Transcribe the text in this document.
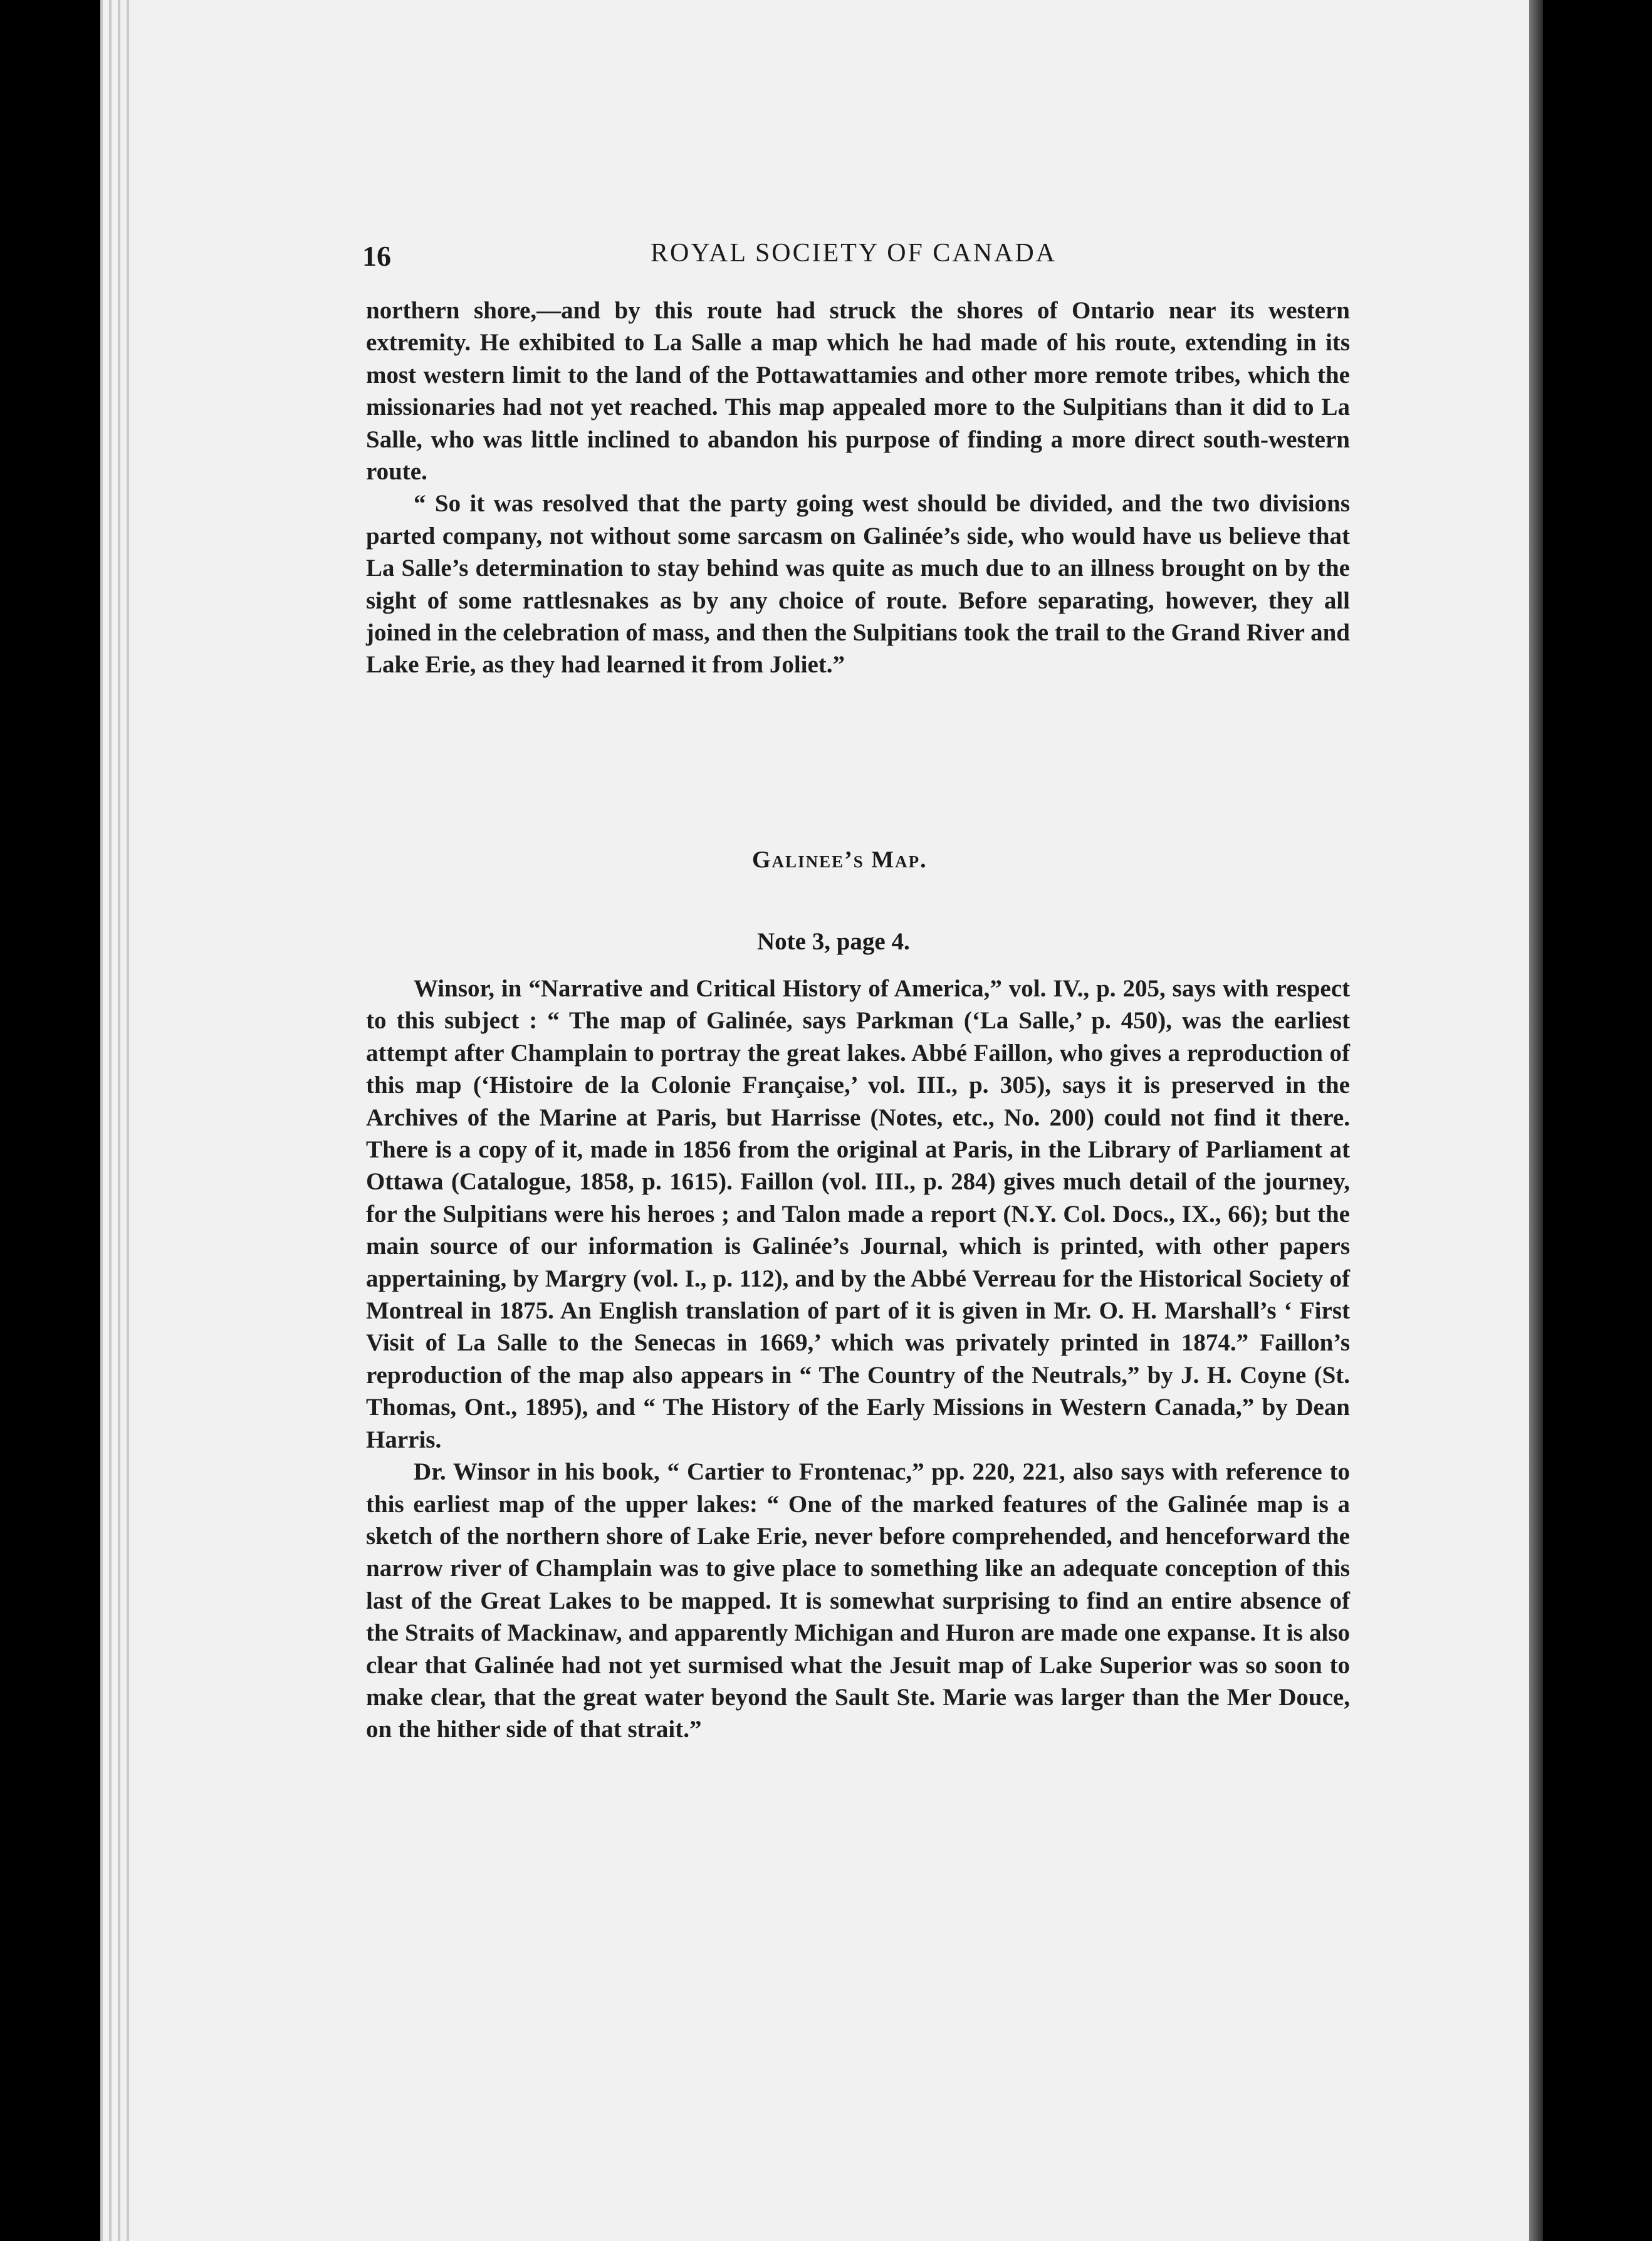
16	ROYAL SOCIETY OF CANADA

northern shore,—and by this route had struck the shores of Ontario near its western extremity. He exhibited to La Salle a map which he had made of his route, extending in its most western limit to the land of the Pottawattamies and other more remote tribes, which the missionaries had not yet reached. This map appealed more to the Sulpitians than it did to La Salle, who was little inclined to abandon his purpose of finding a more direct south-western route.

“ So it was resolved that the party going west should be divided, and the two divisions parted company, not without some sarcasm on Galinée’s side, who would have us believe that La Salle’s determination to stay behind was quite as much due to an illness brought on by the sight of some rattlesnakes as by any choice of route. Before separating, however, they all joined in the celebration of mass, and then the Sulpitians took the trail to the Grand River and Lake Erie, as they had learned it from Joliet.”

Galinee’s Map.
Note 3, page 4.

Winsor, in “Narrative and Critical History of America,” vol. IV., p. 205, says with respect to this subject : “ The map of Galinée, says Parkman (‘La Salle,’ p. 450), was the earliest attempt after Champlain to portray the great lakes. Abbé Faillon, who gives a reproduction of this map (‘Histoire de la Colonie Française,’ vol. III., p. 305), says it is preserved in the Archives of the Marine at Paris, but Harrisse (Notes, etc., No. 200) could not find it there. There is a copy of it, made in 1856 from the original at Paris, in the Library of Parliament at Ottawa (Catalogue, 1858, p. 1615). Faillon (vol. III., p. 284) gives much detail of the journey, for the Sulpitians were his heroes ; and Talon made a report (N.Y. Col. Docs., IX., 66); but the main source of our information is Galinée’s Journal, which is printed, with other papers appertaining, by Margry (vol. I., p. 112), and by the Abbé Verreau for the Historical Society of Montreal in 1875. An English translation of part of it is given in Mr. O. H. Marshall’s ‘ First Visit of La Salle to the Senecas in 1669,’ which was privately printed in 1874.” Faillon’s reproduction of the map also appears in “ The Country of the Neutrals,” by J. H. Coyne (St. Thomas, Ont., 1895), and “ The History of the Early Missions in Western Canada,” by Dean Harris.

Dr. Winsor in his book, “ Cartier to Frontenac,” pp. 220, 221, also says with reference to this earliest map of the upper lakes: “ One of the marked features of the Galinée map is a sketch of the northern shore of Lake Erie, never before comprehended, and henceforward the narrow river of Champlain was to give place to something like an adequate conception of this last of the Great Lakes to be mapped. It is somewhat surprising to find an entire absence of the Straits of Mackinaw, and apparently Michigan and Huron are made one expanse. It is also clear that Galinée had not yet surmised what the Jesuit map of Lake Superior was so soon to make clear, that the great water beyond the Sault Ste. Marie was larger than the Mer Douce, on the hither side of that strait.”
